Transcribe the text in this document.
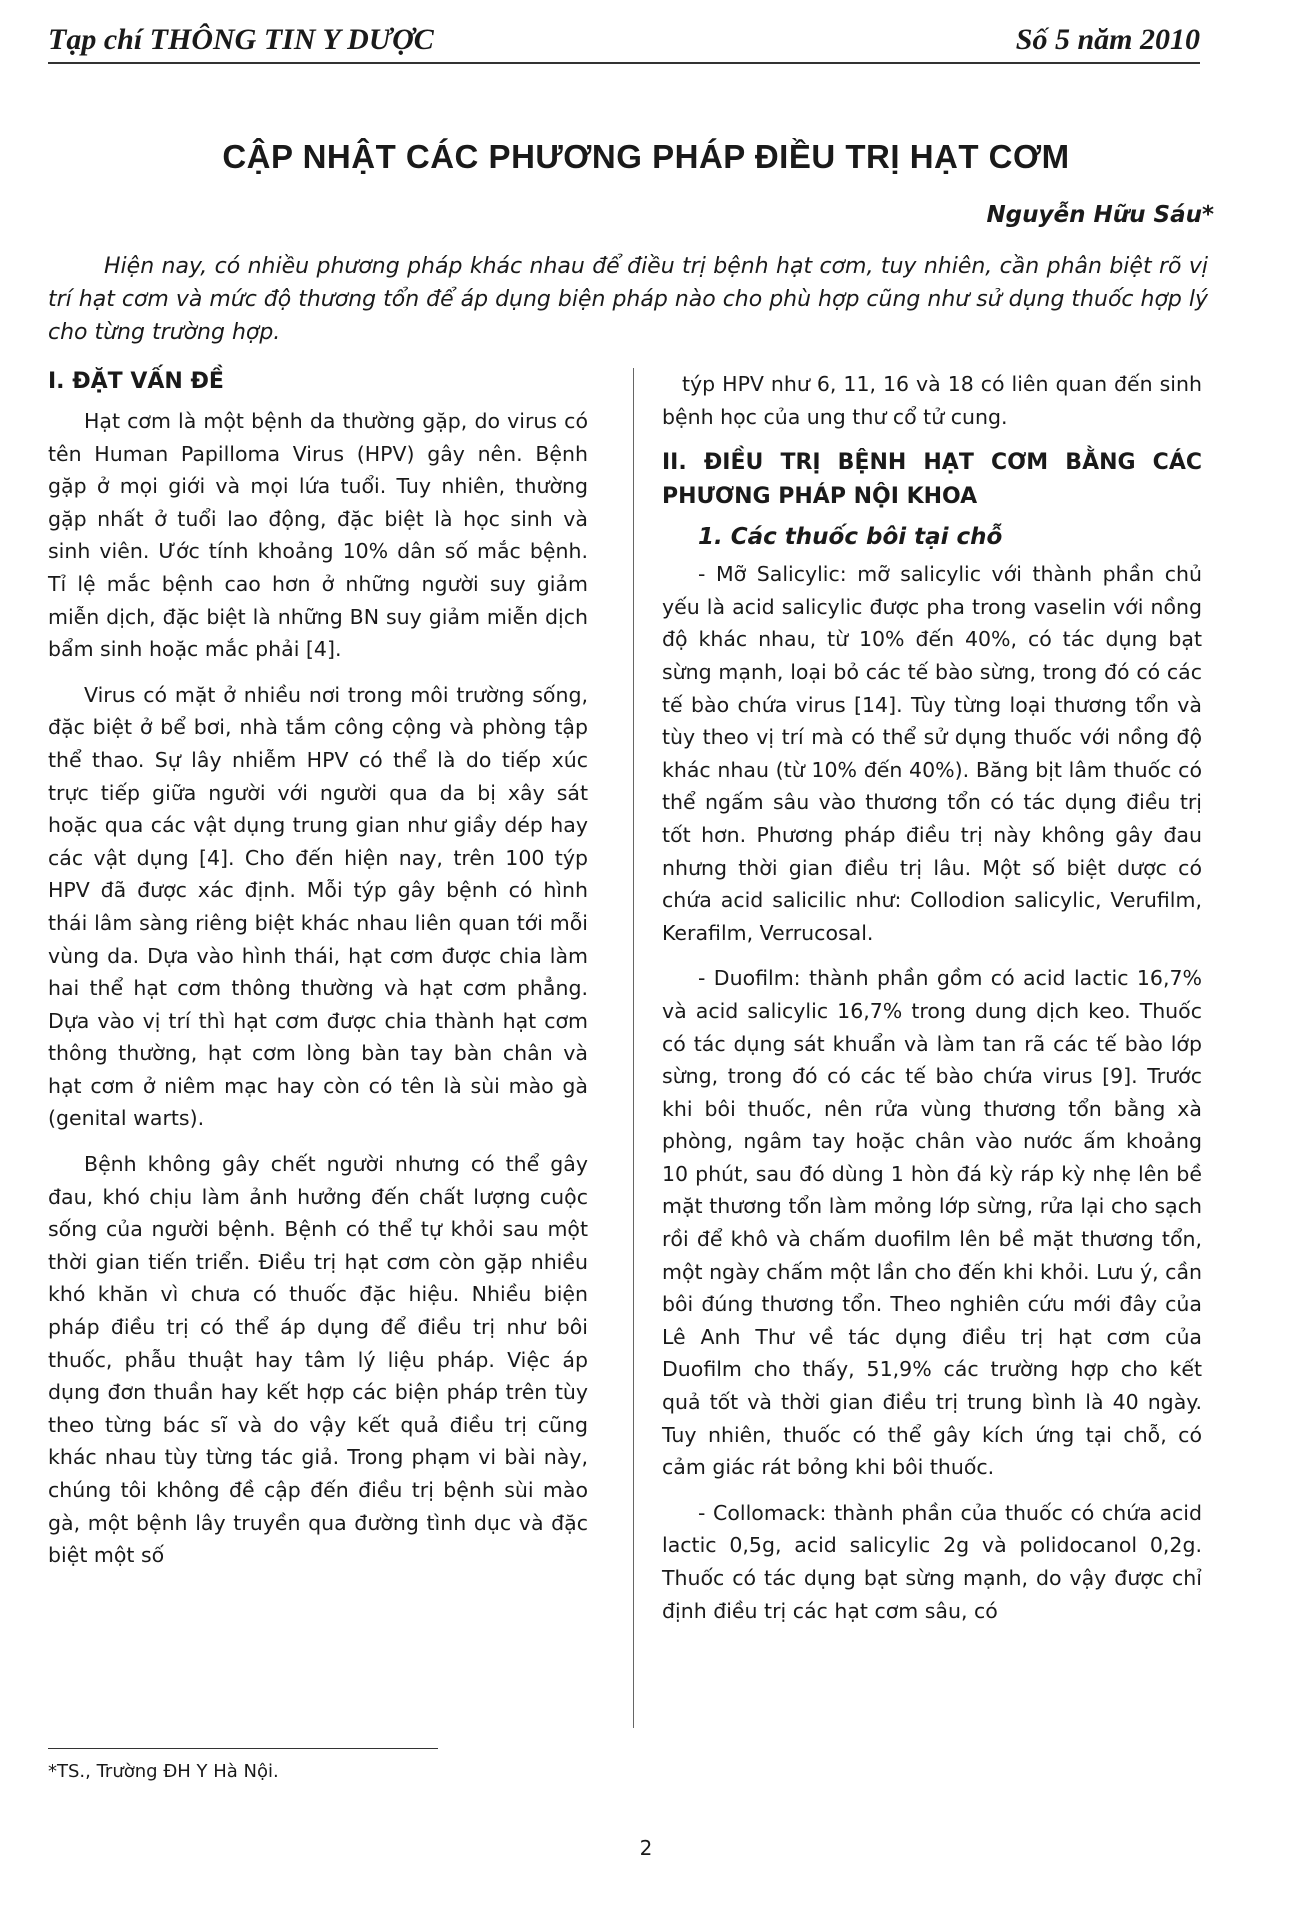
Tạp chí THÔNG TIN Y DƯỢC	Số 5 năm 2010
CẬP NHẬT CÁC PHƯƠNG PHÁP ĐIỀU TRỊ HẠT CƠM
Nguyễn Hữu Sáu*
Hiện nay, có nhiều phương pháp khác nhau để điều trị bệnh hạt cơm, tuy nhiên, cần phân biệt rõ vị trí hạt cơm và mức độ thương tổn để áp dụng biện pháp nào cho phù hợp cũng như sử dụng thuốc hợp lý cho từng trường hợp.
I. ĐẶT VẤN ĐỀ

Hạt cơm là một bệnh da thường gặp, do virus có tên Human Papilloma Virus (HPV) gây nên. Bệnh gặp ở mọi giới và mọi lứa tuổi. Tuy nhiên, thường gặp nhất ở tuổi lao động, đặc biệt là học sinh và sinh viên. Ước tính khoảng 10% dân số mắc bệnh. Tỉ lệ mắc bệnh cao hơn ở những người suy giảm miễn dịch, đặc biệt là những BN suy giảm miễn dịch bẩm sinh hoặc mắc phải [4].

Virus có mặt ở nhiều nơi trong môi trường sống, đặc biệt ở bể bơi, nhà tắm công cộng và phòng tập thể thao. Sự lây nhiễm HPV có thể là do tiếp xúc trực tiếp giữa người với người qua da bị xây sát hoặc qua các vật dụng trung gian như giầy dép hay các vật dụng [4]. Cho đến hiện nay, trên 100 týp HPV đã được xác định. Mỗi týp gây bệnh có hình thái lâm sàng riêng biệt khác nhau liên quan tới mỗi vùng da. Dựa vào hình thái, hạt cơm được chia làm hai thể hạt cơm thông thường và hạt cơm phẳng. Dựa vào vị trí thì hạt cơm được chia thành hạt cơm thông thường, hạt cơm lòng bàn tay bàn chân và hạt cơm ở niêm mạc hay còn có tên là sùi mào gà (genital warts).

Bệnh không gây chết người nhưng có thể gây đau, khó chịu làm ảnh hưởng đến chất lượng cuộc sống của người bệnh. Bệnh có thể tự khỏi sau một thời gian tiến triển. Điều trị hạt cơm còn gặp nhiều khó khăn vì chưa có thuốc đặc hiệu. Nhiều biện pháp điều trị có thể áp dụng để điều trị như bôi thuốc, phẫu thuật hay tâm lý liệu pháp. Việc áp dụng đơn thuần hay kết hợp các biện pháp trên tùy theo từng bác sĩ và do vậy kết quả điều trị cũng khác nhau tùy từng tác giả. Trong phạm vi bài này, chúng tôi không đề cập đến điều trị bệnh sùi mào gà, một bệnh lây truyền qua đường tình dục và đặc biệt một số

týp HPV như 6, 11, 16 và 18 có liên quan đến sinh bệnh học của ung thư cổ tử cung.

II. ĐIỀU TRỊ BỆNH HẠT CƠM BẰNG CÁC PHƯƠNG PHÁP NỘI KHOA
1. Các thuốc bôi tại chỗ

- Mỡ Salicylic: mỡ salicylic với thành phần chủ yếu là acid salicylic được pha trong vaselin với nồng độ khác nhau, từ 10% đến 40%, có tác dụng bạt sừng mạnh, loại bỏ các tế bào sừng, trong đó có các tế bào chứa virus [14]. Tùy từng loại thương tổn và tùy theo vị trí mà có thể sử dụng thuốc với nồng độ khác nhau (từ 10% đến 40%). Băng bịt lâm thuốc có thể ngấm sâu vào thương tổn có tác dụng điều trị tốt hơn. Phương pháp điều trị này không gây đau nhưng thời gian điều trị lâu. Một số biệt dược có chứa acid salicilic như: Collodion salicylic, Verufilm, Kerafilm, Verrucosal.

- Duofilm: thành phần gồm có acid lactic 16,7% và acid salicylic 16,7% trong dung dịch keo. Thuốc có tác dụng sát khuẩn và làm tan rã các tế bào lớp sừng, trong đó có các tế bào chứa virus [9]. Trước khi bôi thuốc, nên rửa vùng thương tổn bằng xà phòng, ngâm tay hoặc chân vào nước ấm khoảng 10 phút, sau đó dùng 1 hòn đá kỳ ráp kỳ nhẹ lên bề mặt thương tổn làm mỏng lớp sừng, rửa lại cho sạch rồi để khô và chấm duofilm lên bề mặt thương tổn, một ngày chấm một lần cho đến khi khỏi. Lưu ý, cần bôi đúng thương tổn. Theo nghiên cứu mới đây của Lê Anh Thư về tác dụng điều trị hạt cơm của Duofilm cho thấy, 51,9% các trường hợp cho kết quả tốt và thời gian điều trị trung bình là 40 ngày. Tuy nhiên, thuốc có thể gây kích ứng tại chỗ, có cảm giác rát bỏng khi bôi thuốc.

- Collomack: thành phần của thuốc có chứa acid lactic 0,5g, acid salicylic 2g và polidocanol 0,2g. Thuốc có tác dụng bạt sừng mạnh, do vậy được chỉ định điều trị các hạt cơm sâu, có

*TS., Trường ĐH Y Hà Nội.
2
